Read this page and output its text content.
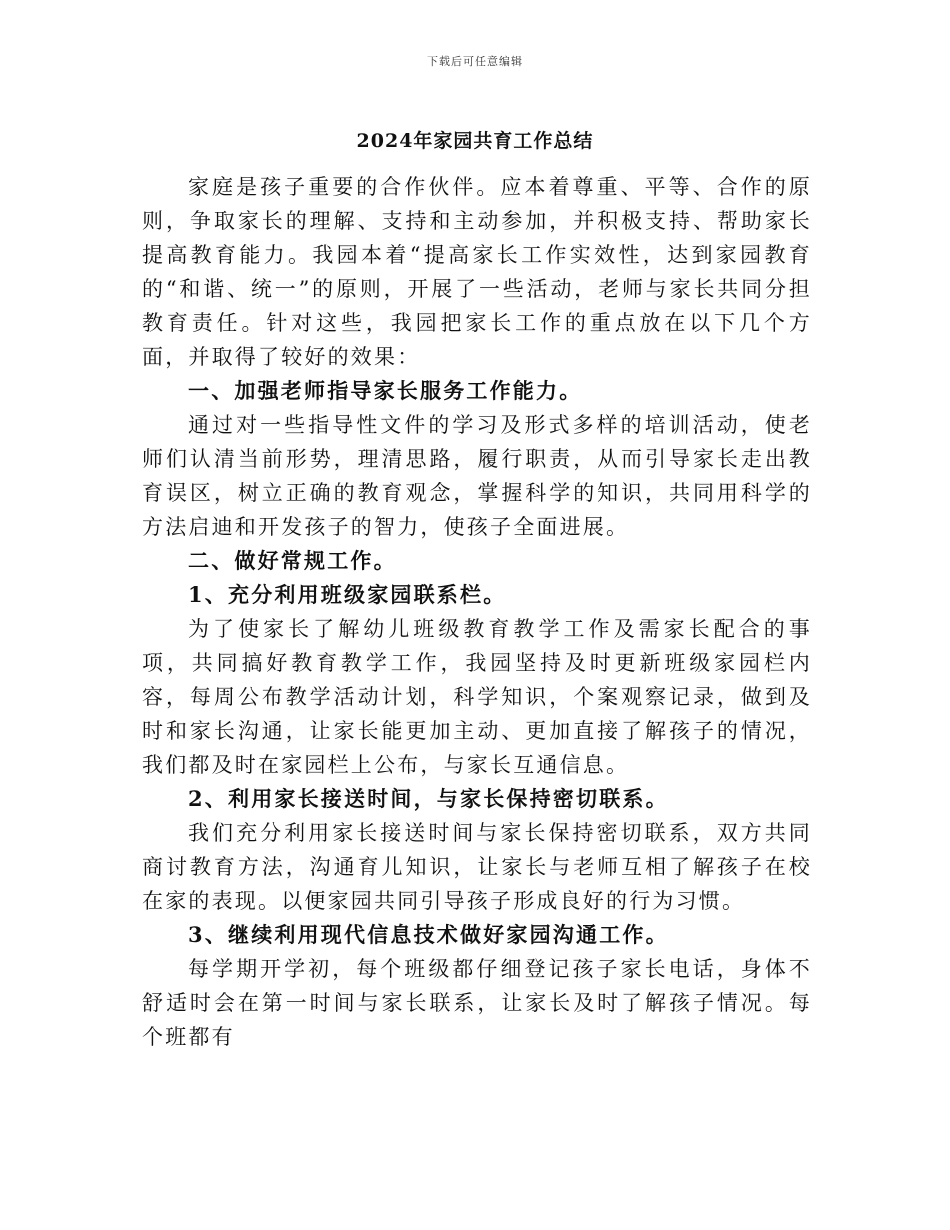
下载后可任意编辑
2024年家园共育工作总结

家庭是孩子重要的合作伙伴。应本着尊重、平等、合作的原则，争取家长的理解、支持和主动参加，并积极支持、帮助家长提高教育能力。我园本着“提高家长工作实效性，达到家园教育的“和谐、统一”的原则，开展了一些活动，老师与家长共同分担教育责任。针对这些，我园把家长工作的重点放在以下几个方面，并取得了较好的效果：

一、加强老师指导家长服务工作能力。

通过对一些指导性文件的学习及形式多样的培训活动，使老师们认清当前形势，理清思路，履行职责，从而引导家长走出教育误区，树立正确的教育观念，掌握科学的知识，共同用科学的方法启迪和开发孩子的智力，使孩子全面进展。

二、做好常规工作。

1、充分利用班级家园联系栏。

为了使家长了解幼儿班级教育教学工作及需家长配合的事项，共同搞好教育教学工作，我园坚持及时更新班级家园栏内容，每周公布教学活动计划，科学知识，个案观察记录，做到及时和家长沟通，让家长能更加主动、更加直接了解孩子的情况，我们都及时在家园栏上公布，与家长互通信息。

2、利用家长接送时间，与家长保持密切联系。

我们充分利用家长接送时间与家长保持密切联系，双方共同商讨教育方法，沟通育儿知识，让家长与老师互相了解孩子在校在家的表现。以便家园共同引导孩子形成良好的行为习惯。

3、继续利用现代信息技术做好家园沟通工作。

每学期开学初，每个班级都仔细登记孩子家长电话，身体不舒适时会在第一时间与家长联系，让家长及时了解孩子情况。每个班都有
